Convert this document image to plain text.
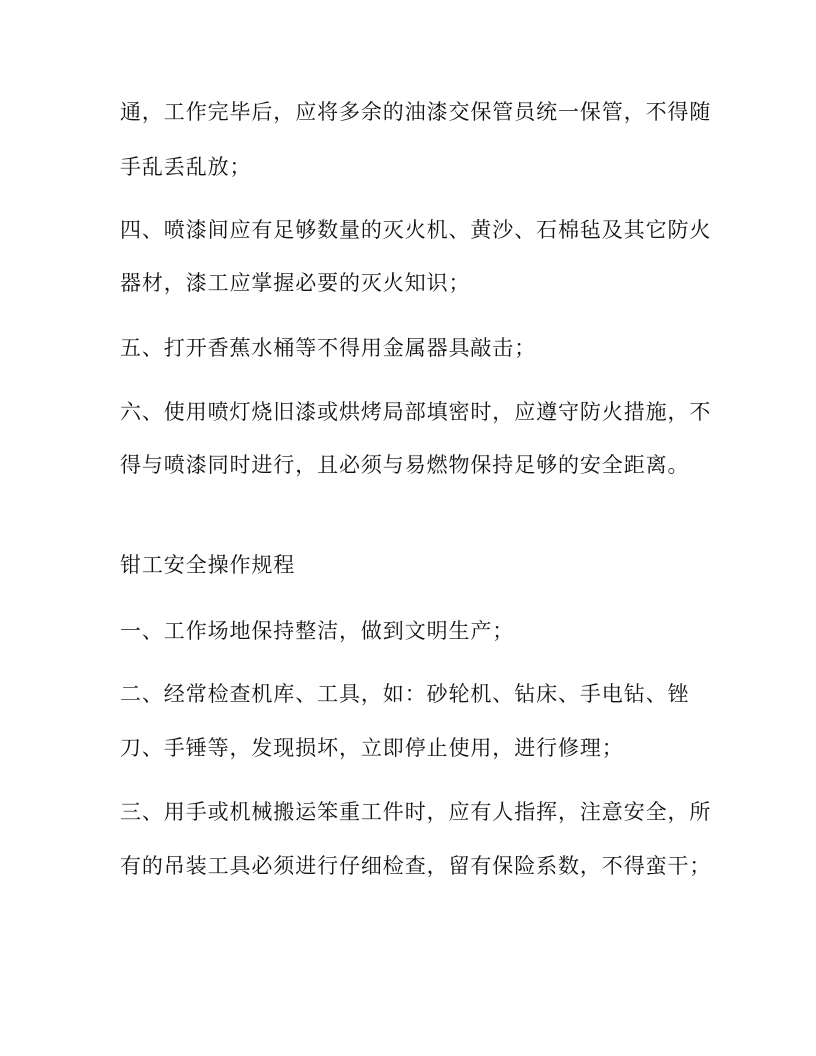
通，工作完毕后，应将多余的油漆交保管员统一保管，不得随
手乱丢乱放；
四、喷漆间应有足够数量的灭火机、黄沙、石棉毡及其它防火
器材，漆工应掌握必要的灭火知识；
五、打开香蕉水桶等不得用金属器具敲击；
六、使用喷灯烧旧漆或烘烤局部填密时，应遵守防火措施，不
得与喷漆同时进行，且必须与易燃物保持足够的安全距离。
钳工安全操作规程
一、工作场地保持整洁，做到文明生产；
二、经常检查机库、工具，如：砂轮机、钻床、手电钻、锉
刀、手锤等，发现损坏，立即停止使用，进行修理；
三、用手或机械搬运笨重工件时，应有人指挥，注意安全，所
有的吊装工具必须进行仔细检查，留有保险系数，不得蛮干；
